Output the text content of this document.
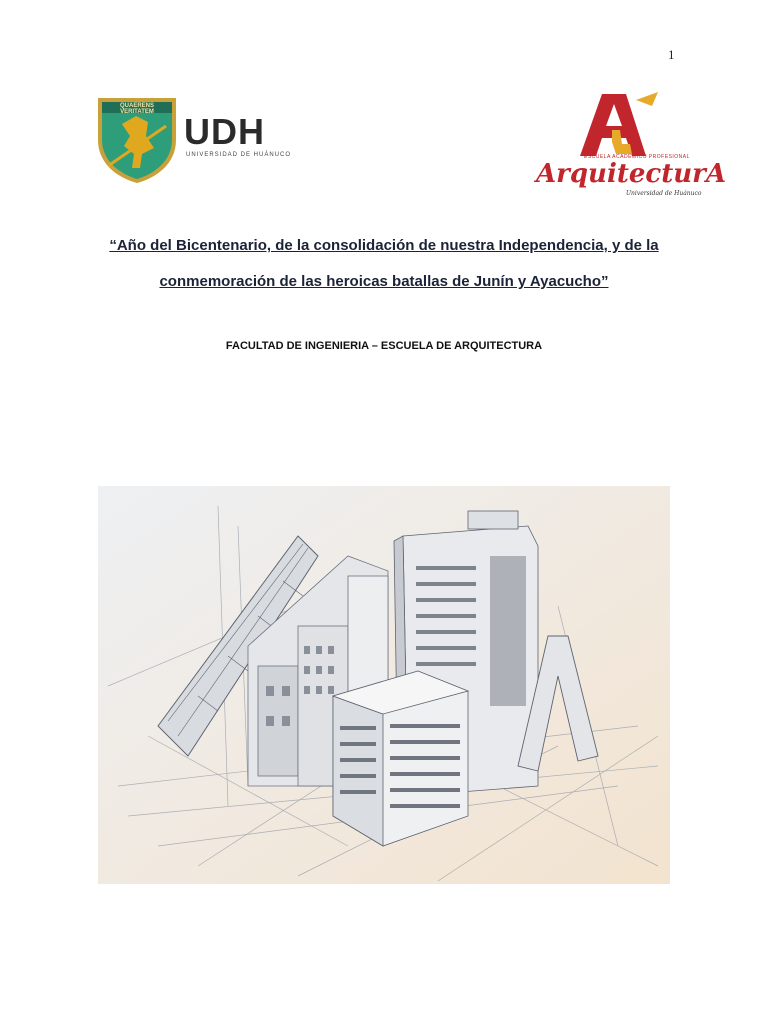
1
QUAERENS VERITATEM UDH
UNIVERSIDAD DE HUÁNUCO	ESCUELA ACADÉMICO PROFESIONAL
ArquitecturA
Universidad de Huánuco
“Año del Bicentenario, de la consolidación de nuestra Independencia, y de la
conmemoración de las heroicas batallas de Junín y Ayacucho”
FACULTAD DE INGENIERIA – ESCUELA DE ARQUITECTURA
